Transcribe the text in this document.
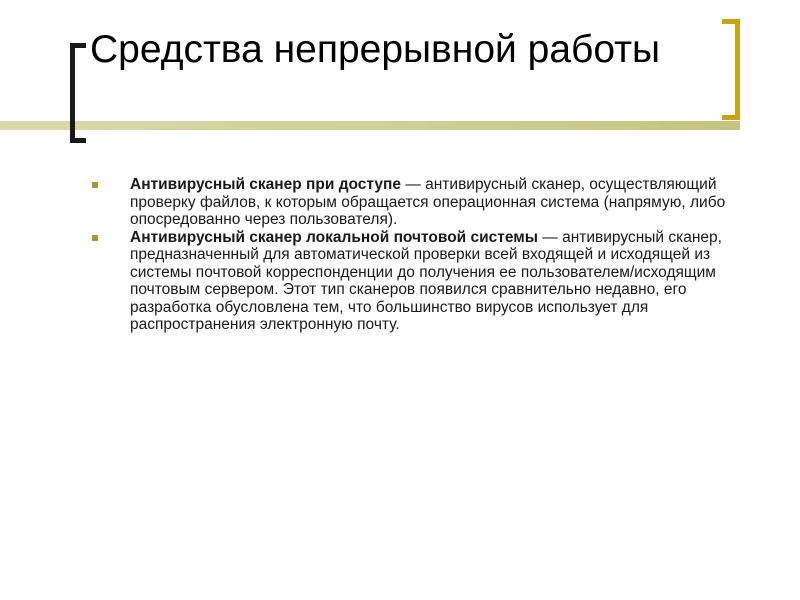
Средства непрерывной работы
Антивирусный сканер при доступе — антивирусный сканер, осуществляющий проверку файлов, к которым обращается операционная система (напрямую, либо опосредованно через пользователя).
Антивирусный сканер локальной почтовой системы — антивирусный сканер, предназначенный для автоматической проверки всей входящей и исходящей из системы почтовой корреспонденции до получения ее пользователем/исходящим почтовым сервером. Этот тип сканеров появился сравнительно недавно, его разработка обусловлена тем, что большинство вирусов использует для распространения электронную почту.
